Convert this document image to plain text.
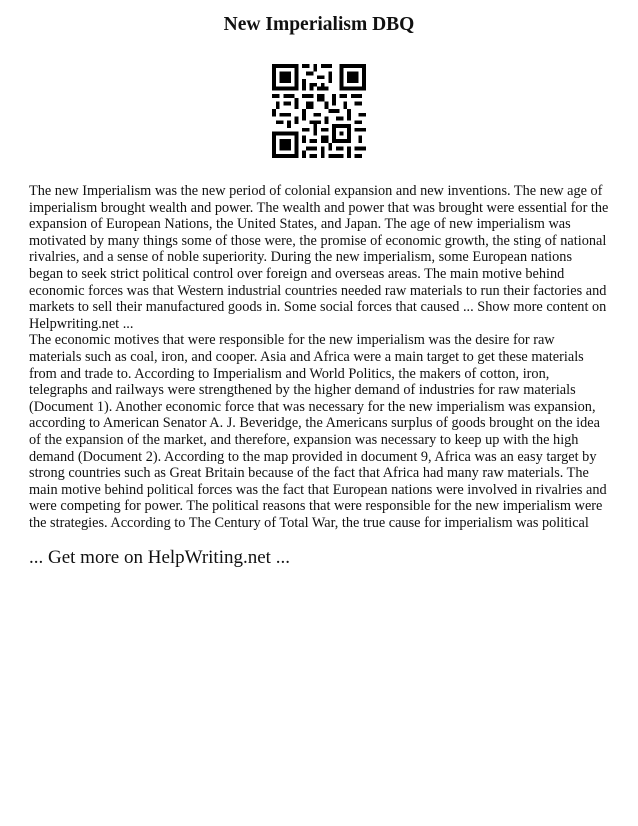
New Imperialism DBQ

The new Imperialism was the new period of colonial expansion and new inventions. The new age of imperialism brought wealth and power. The wealth and power that was brought were essential for the expansion of European Nations, the United States, and Japan. The age of new imperialism was motivated by many things some of those were, the promise of economic growth, the sting of national rivalries, and a sense of noble superiority. During the new imperialism, some European nations began to seek strict political control over foreign and overseas areas. The main motive behind economic forces was that Western industrial countries needed raw materials to run their factories and markets to sell their manufactured goods in. Some social forces that caused ... Show more content on Helpwriting.net ...

The economic motives that were responsible for the new imperialism was the desire for raw materials such as coal, iron, and cooper. Asia and Africa were a main target to get these materials from and trade to. According to Imperialism and World Politics, the makers of cotton, iron, telegraphs and railways were strengthened by the higher demand of industries for raw materials (Document 1). Another economic force that was necessary for the new imperialism was expansion, according to American Senator A. J. Beveridge, the Americans surplus of goods brought on the idea of the expansion of the market, and therefore, expansion was necessary to keep up with the high demand (Document 2). According to the map provided in document 9, Africa was an easy target by strong countries such as Great Britain because of the fact that Africa had many raw materials. The main motive behind political forces was the fact that European nations were involved in rivalries and were competing for power. The political reasons that were responsible for the new imperialism were the strategies. According to The Century of Total War, the true cause for imperialism was political

... Get more on HelpWriting.net ...
